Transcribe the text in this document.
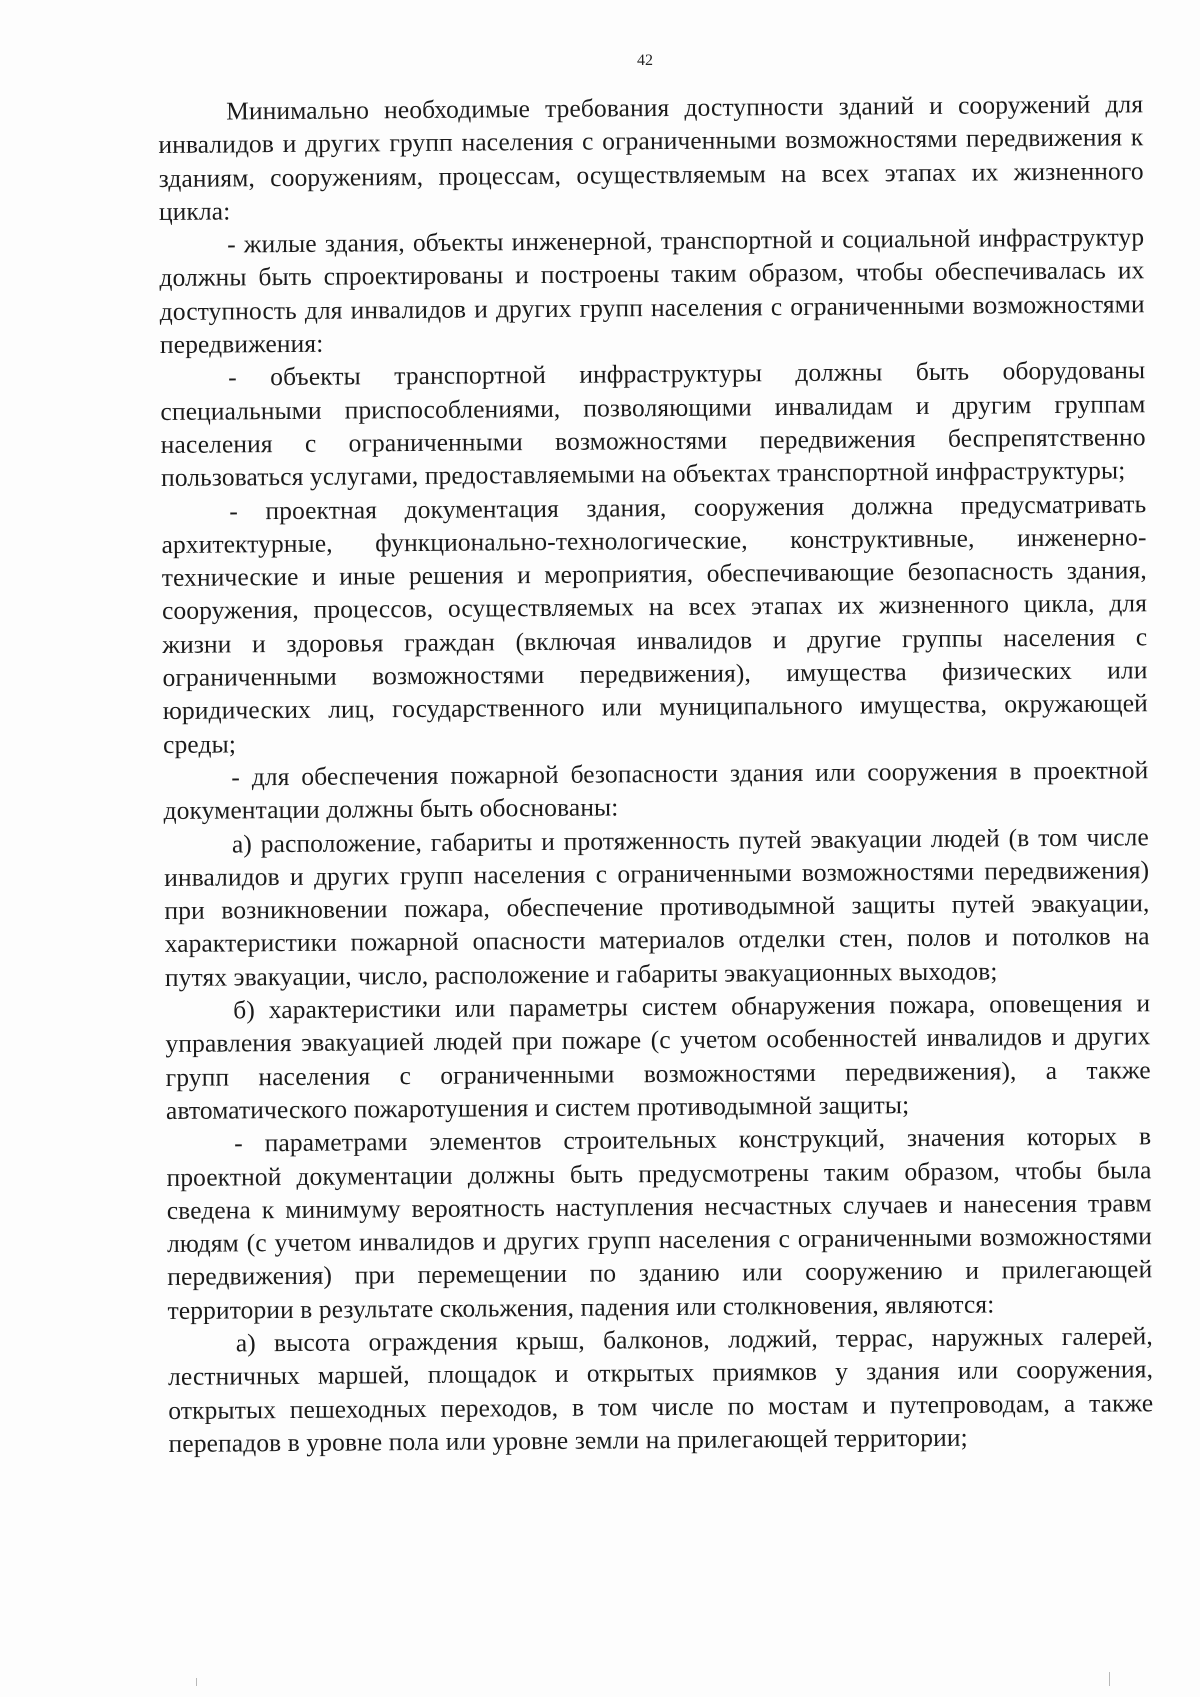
42

Минимально необходимые требования доступности зданий и сооружений для инвалидов и других групп населения с ограниченными возможностями передвижения к зданиям, сооружениям, процессам, осуществляемым на всех этапах их жизненного цикла:

- жилые здания, объекты инженерной, транспортной и социальной инфраструктур должны быть спроектированы и построены таким образом, чтобы обеспечивалась их доступность для инвалидов и других групп населения с ограниченными возможностями передвижения:

- объекты транспортной инфраструктуры должны быть оборудованы специальными приспособлениями, позволяющими инвалидам и другим группам населения с ограниченными возможностями передвижения беспрепятственно пользоваться услугами, предоставляемыми на объектах транспортной инфраструктуры;

- проектная документация здания, сооружения должна предусматривать архитектурные, функционально-технологические, конструктивные, инженерно-технические и иные решения и мероприятия, обеспечивающие безопасность здания, сооружения, процессов, осуществляемых на всех этапах их жизненного цикла, для жизни и здоровья граждан (включая инвалидов и другие группы населения с ограниченными возможностями передвижения), имущества физических или юридических лиц, государственного или муниципального имущества, окружающей среды;

- для обеспечения пожарной безопасности здания или сооружения в проектной документации должны быть обоснованы:

а) расположение, габариты и протяженность путей эвакуации людей (в том числе инвалидов и других групп населения с ограниченными возможностями передвижения) при возникновении пожара, обеспечение противодымной защиты путей эвакуации, характеристики пожарной опасности материалов отделки стен, полов и потолков на путях эвакуации, число, расположение и габариты эвакуационных выходов;

б) характеристики или параметры систем обнаружения пожара, оповещения и управления эвакуацией людей при пожаре (с учетом особенностей инвалидов и других групп населения с ограниченными возможностями передвижения), а также автоматического пожаротушения и систем противодымной защиты;

- параметрами элементов строительных конструкций, значения которых в проектной документации должны быть предусмотрены таким образом, чтобы была сведена к минимуму вероятность наступления несчастных случаев и нанесения травм людям (с учетом инвалидов и других групп населения с ограниченными возможностями передвижения) при перемещении по зданию или сооружению и прилегающей территории в результате скольжения, падения или столкновения, являются:

а) высота ограждения крыш, балконов, лоджий, террас, наружных галерей, лестничных маршей, площадок и открытых приямков у здания или сооружения, открытых пешеходных переходов, в том числе по мостам и путепроводам, а также перепадов в уровне пола или уровне земли на прилегающей территории;
